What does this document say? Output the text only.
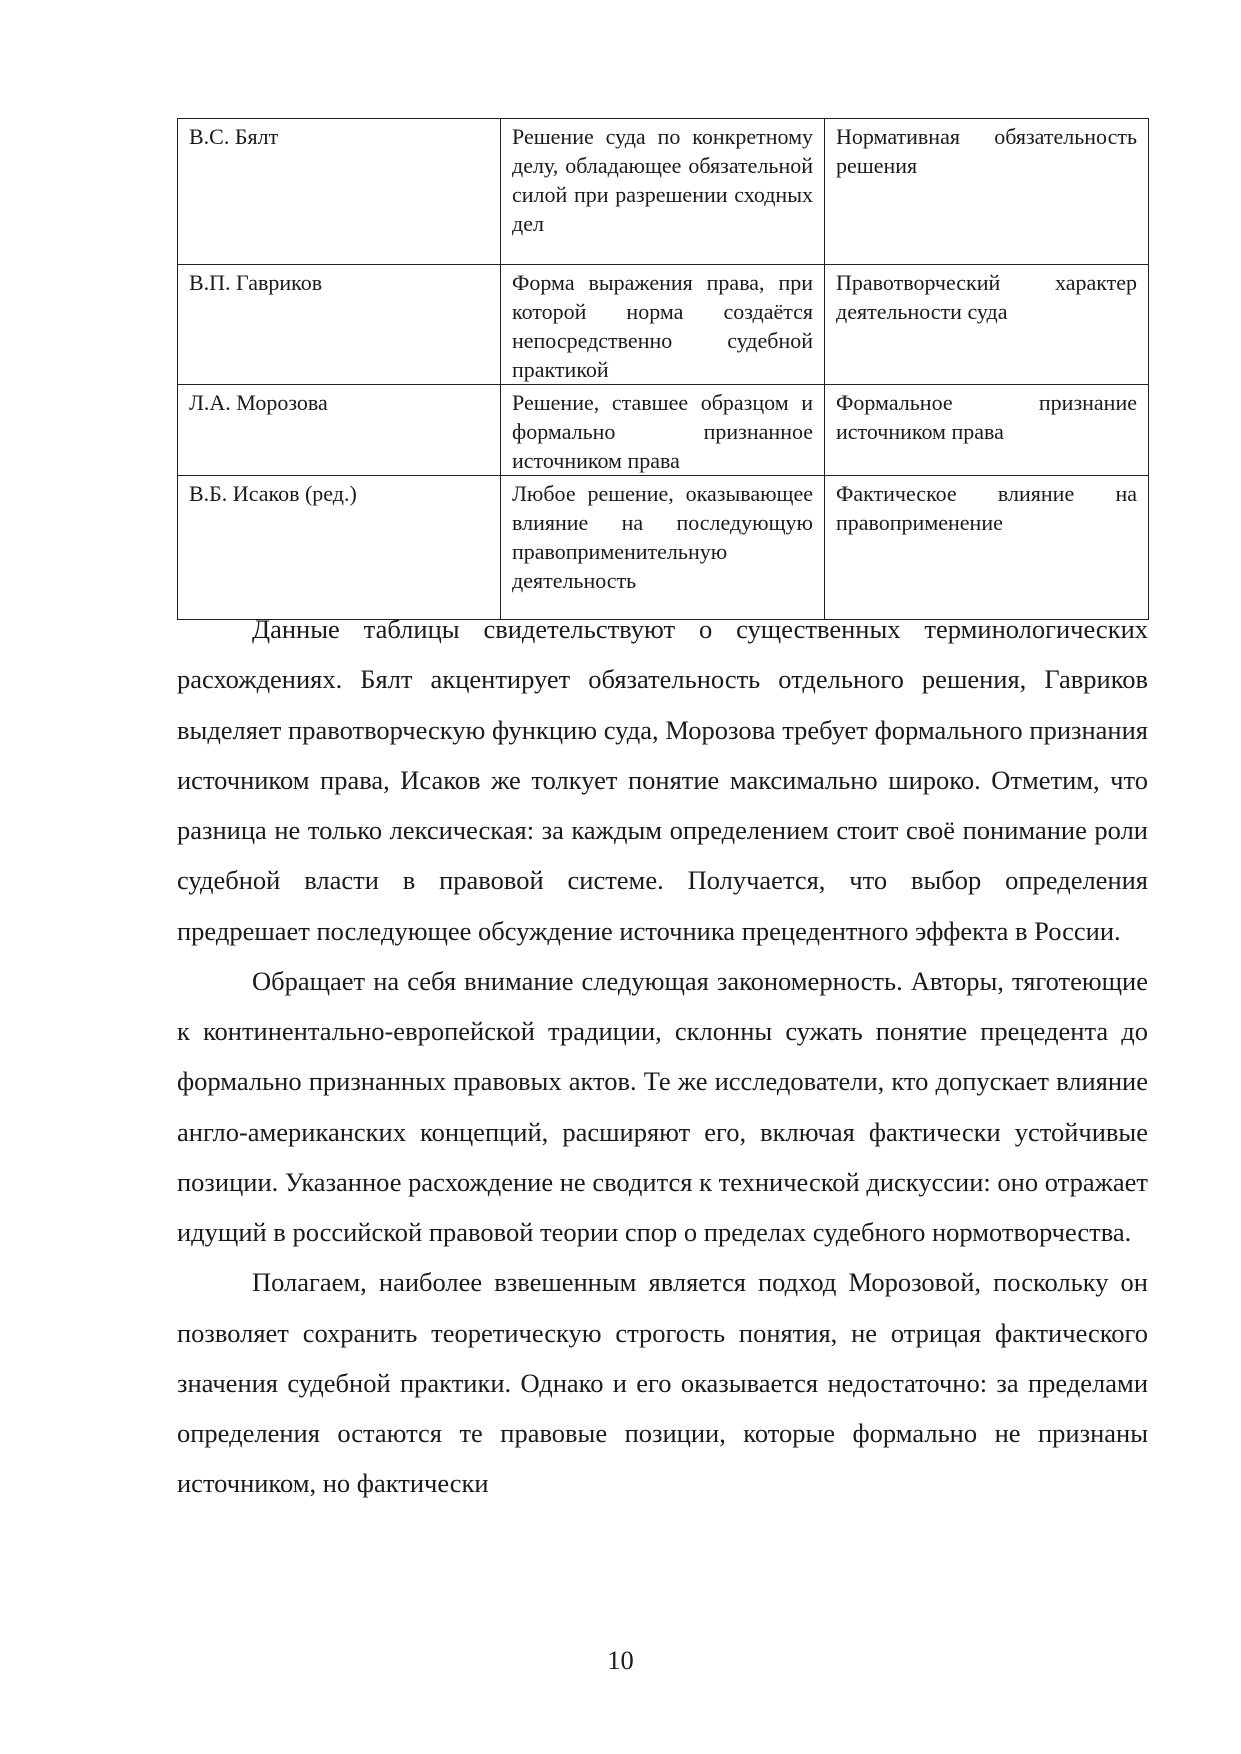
В.С. Бялт	Решение суда по конкретному делу, обладающее обязательной силой при разрешении сходных дел	Нормативная обязательность решения
В.П. Гавриков	Форма выражения права, при которой норма создаётся непосредственно судебной практикой	Правотворческий характер деятельности суда
Л.А. Морозова	Решение, ставшее образцом и формально признанное источником права	Формальное признание источником права
В.Б. Исаков (ред.)	Любое решение, оказывающее влияние на последующую правоприменительную деятельность	Фактическое влияние на правоприменение

Данные таблицы свидетельствуют о существенных терминологических расхождениях. Бялт акцентирует обязательность отдельного решения, Гавриков выделяет правотворческую функцию суда, Морозова требует формального признания источником права, Исаков же толкует понятие максимально широко. Отметим, что разница не только лексическая: за каждым определением стоит своё понимание роли судебной власти в правовой системе. Получается, что выбор определения предрешает последующее обсуждение источника прецедентного эффекта в России.

Обращает на себя внимание следующая закономерность. Авторы, тяготеющие к континентально-европейской традиции, склонны сужать понятие прецедента до формально признанных правовых актов. Те же исследователи, кто допускает влияние англо-американских концепций, расширяют его, включая фактически устойчивые позиции. Указанное расхождение не сводится к технической дискуссии: оно отражает идущий в российской правовой теории спор о пределах судебного нормотворчества.

Полагаем, наиболее взвешенным является подход Морозовой, поскольку он позволяет сохранить теоретическую строгость понятия, не отрицая фактического значения судебной практики. Однако и его оказывается недостаточно: за пределами определения остаются те правовые позиции, которые формально не признаны источником, но фактически

10
